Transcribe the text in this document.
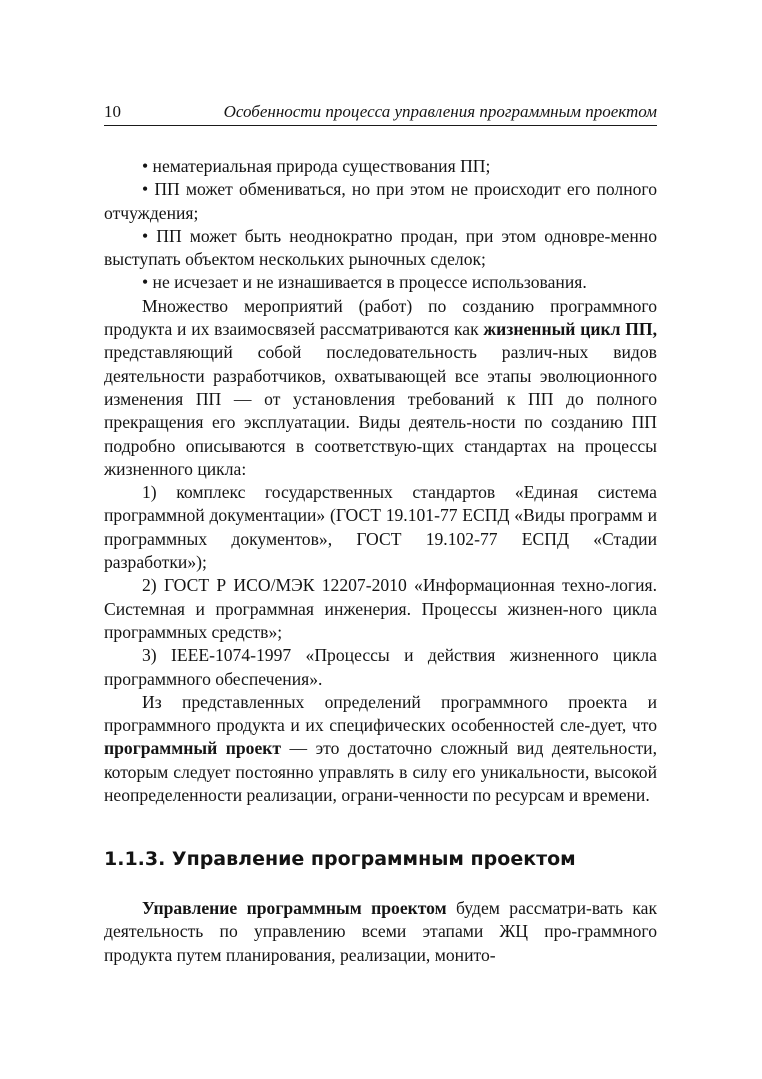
10	Особенности процесса управления программным проектом

• нематериальная природа существования ПП;

• ПП может обмениваться, но при этом не происходит его полного отчуждения;

• ПП может быть неоднократно продан, при этом одновре-менно выступать объектом нескольких рыночных сделок;

• не исчезает и не изнашивается в процессе использования.

Множество мероприятий (работ) по созданию программного продукта и их взаимосвязей рассматриваются как жизненный цикл ПП, представляющий собой последовательность различ-ных видов деятельности разработчиков, охватывающей все этапы эволюционного изменения ПП — от установления требований к ПП до полного прекращения его эксплуатации. Виды деятель-ности по созданию ПП подробно описываются в соответствую-щих стандартах на процессы жизненного цикла:

1) комплекс государственных стандартов «Единая система программной документации» (ГОСТ 19.101-77 ЕСПД «Виды программ и программных документов», ГОСТ 19.102-77 ЕСПД «Стадии разработки»);

2) ГОСТ Р ИСО/МЭК 12207-2010 «Информационная техно-логия. Системная и программная инженерия. Процессы жизнен-ного цикла программных средств»;

3) IEEE-1074-1997 «Процессы и действия жизненного цикла программного обеспечения».

Из представленных определений программного проекта и программного продукта и их специфических особенностей сле-дует, что программный проект — это достаточно сложный вид деятельности, которым следует постоянно управлять в силу его уникальности, высокой неопределенности реализации, ограни-ченности по ресурсам и времени.

1.1.3. Управление программным проектом

Управление программным проектом будем рассматри-вать как деятельность по управлению всеми этапами ЖЦ про-граммного продукта путем планирования, реализации, монито-
